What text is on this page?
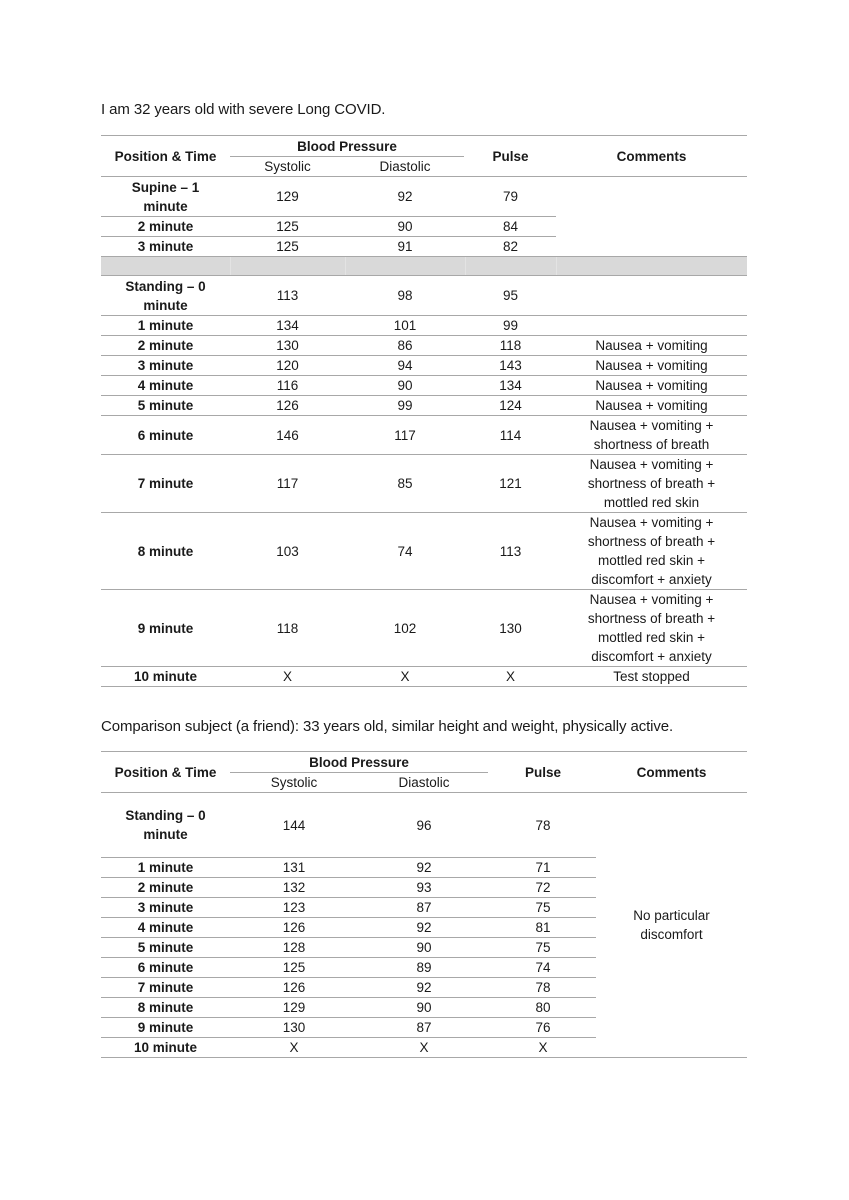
I am 32 years old with severe Long COVID.
Position & Time	Blood Pressure		Pulse	Comments
	Systolic	Diastolic		
Supine – 1 minute	129	92	79	
2 minute	125	90	84	
3 minute	125	91	82	

Standing – 0 minute	113	98	95	
1 minute	134	101	99	
2 minute	130	86	118	Nausea + vomiting
3 minute	120	94	143	Nausea + vomiting
4 minute	116	90	134	Nausea + vomiting
5 minute	126	99	124	Nausea + vomiting
6 minute	146	117	114	Nausea + vomiting + shortness of breath
7 minute	117	85	121	Nausea + vomiting + shortness of breath + mottled red skin
8 minute	103	74	113	Nausea + vomiting + shortness of breath + mottled red skin + discomfort + anxiety
9 minute	118	102	130	Nausea + vomiting + shortness of breath + mottled red skin + discomfort + anxiety
10 minute	X	X	X	Test stopped
Comparison subject (a friend): 33 years old, similar height and weight, physically active.
Position & Time	Blood Pressure		Pulse	Comments
	Systolic	Diastolic		
Standing – 0 minute	144	96	78	No particular discomfort
1 minute	131	92	71	
2 minute	132	93	72	
3 minute	123	87	75	
4 minute	126	92	81	
5 minute	128	90	75	
6 minute	125	89	74	
7 minute	126	92	78	
8 minute	129	90	80	
9 minute	130	87	76	
10 minute	X	X	X	
